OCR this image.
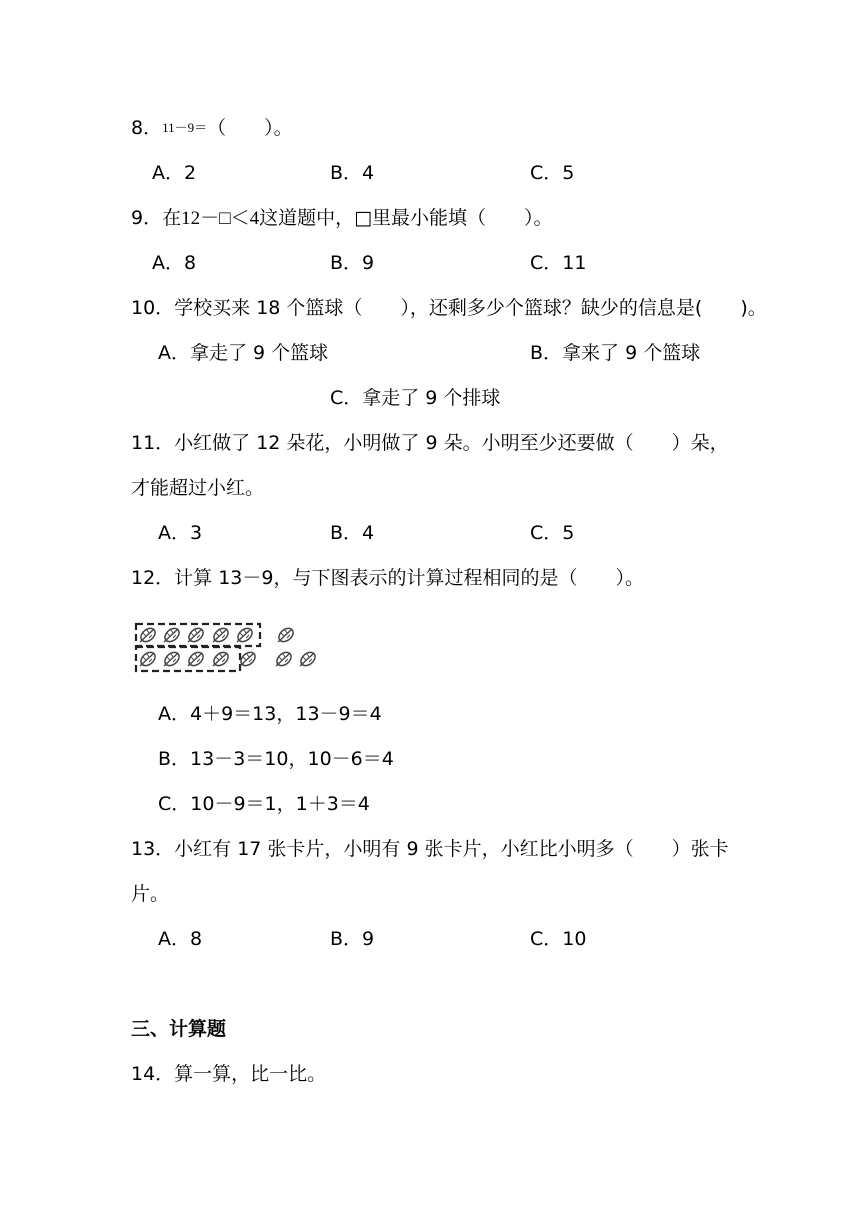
8．11－9＝（　　）。
A．2	B．4	C．5
9．在12－□＜4这道题中，□里最小能填（　　）。
A．8	B．9	C．11
10．学校买来 18 个篮球（　　），还剩多少个篮球？缺少的信息是(　　)。
A．拿走了 9 个篮球	B．拿来了 9 个篮球
C．拿走了 9 个排球
11．小红做了 12 朵花，小明做了 9 朵。小明至少还要做（　　）朵，
才能超过小红。
A．3	B．4	C．5
12．计算 13－9，与下图表示的计算过程相同的是（　　）。
A．4＋9＝13，13－9＝4
B．13－3＝10，10－6＝4
C．10－9＝1，1＋3＝4
13．小红有 17 张卡片，小明有 9 张卡片，小红比小明多（　　）张卡
片。
A．8	B．9	C．10
三、计算题
14．算一算，比一比。
